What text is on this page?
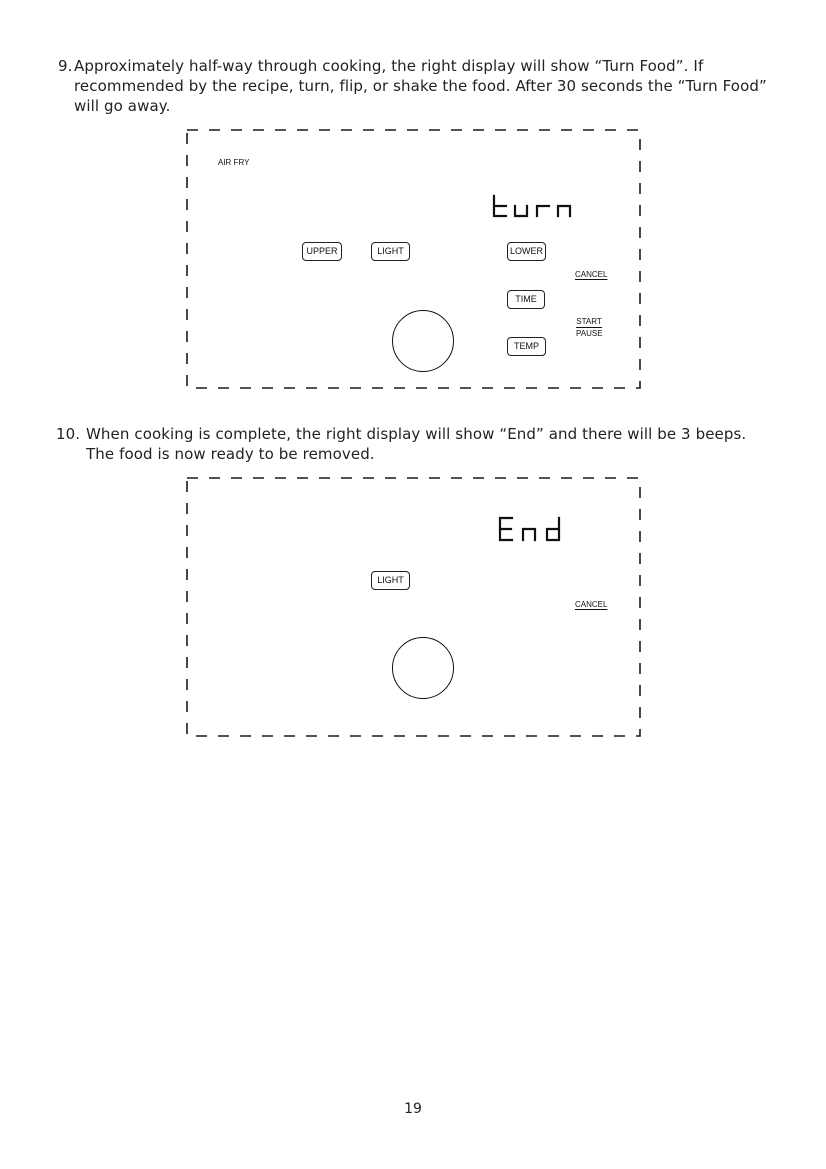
9. Approximately half-way through cooking, the right display will show “Turn Food”. If recommended by the recipe, turn, flip, or shake the food. After 30 seconds the “Turn Food” will go away.
AIR FRY
UPPER	LIGHT	LOWER
CANCEL
TIME
START
PAUSE
TEMP
10. When cooking is complete, the right display will show “End” and there will be 3 beeps. The food is now ready to be removed.
LIGHT
CANCEL
19
